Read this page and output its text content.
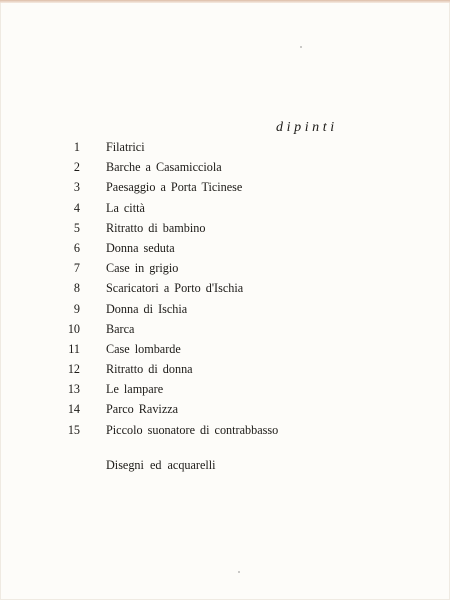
dipinti
1 Filatrici
2 Barche a Casamicciola
3 Paesaggio a Porta Ticinese
4 La città
5 Ritratto di bambino
6 Donna seduta
7 Case in grigio
8 Scaricatori a Porto d'Ischia
9 Donna di Ischia
10 Barca
11 Case lombarde
12 Ritratto di donna
13 Le lampare
14 Parco Ravizza
15 Piccolo suonatore di contrabbasso
Disegni ed acquarelli
